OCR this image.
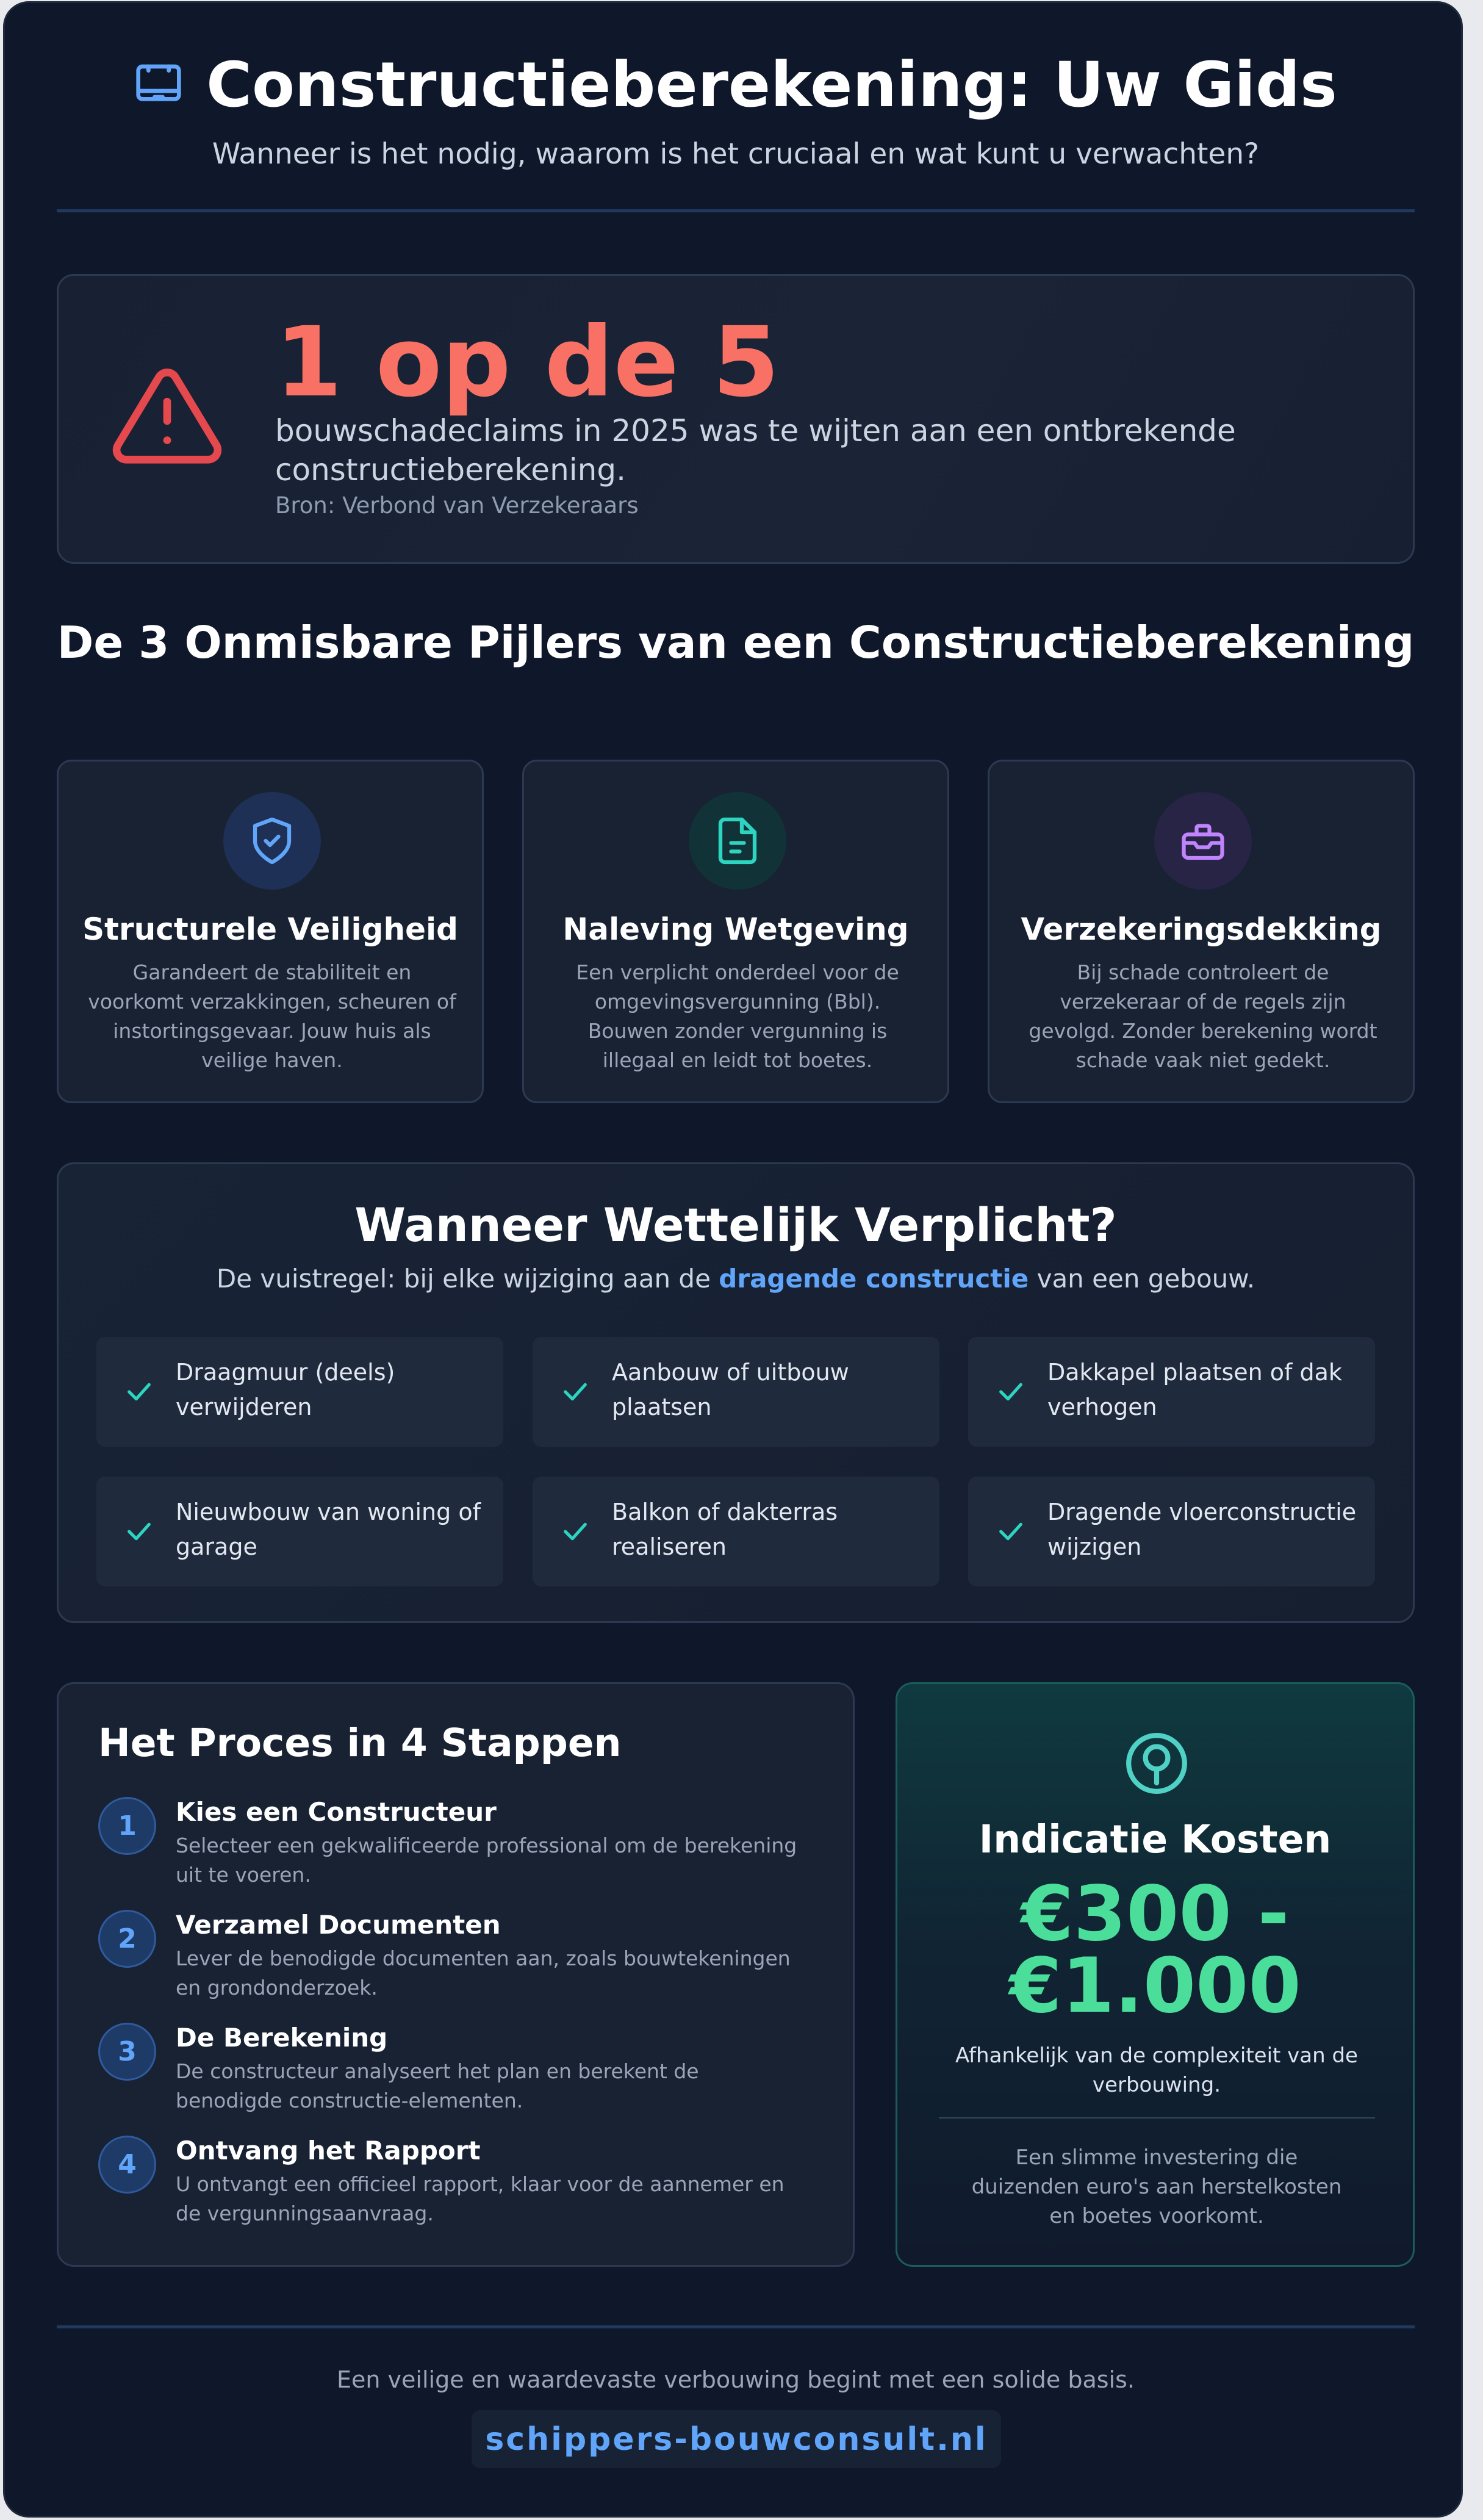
Constructieberekening: Uw Gids
Wanneer is het nodig, waarom is het cruciaal en wat kunt u verwachten?
1 op de 5
bouwschadeclaims in 2025 was te wijten aan een ontbrekende constructieberekening.
Bron: Verbond van Verzekeraars
De 3 Onmisbare Pijlers van een Constructieberekening
Structurele Veiligheid

Garandeert de stabiliteit en voorkomt verzakkingen, scheuren of instortingsgevaar. Jouw huis als veilige haven.

Naleving Wetgeving

Een verplicht onderdeel voor de omgevingsvergunning (Bbl). Bouwen zonder vergunning is illegaal en leidt tot boetes.

Verzekeringsdekking

Bij schade controleert de verzekeraar of de regels zijn gevolgd. Zonder berekening wordt schade vaak niet gedekt.

Wanneer Wettelijk Verplicht?
De vuistregel: bij elke wijziging aan de dragende constructie van een gebouw.
Draagmuur (deels) verwijderen
Aanbouw of uitbouw plaatsen
Dakkapel plaatsen of dak verhogen
Nieuwbouw van woning of garage
Balkon of dakterras realiseren
Dragende vloerconstructie wijzigen
Het Proces in 4 Stappen
1	Kies een Constructeur
Selecteer een gekwalificeerde professional om de berekening uit te voeren.
2	Verzamel Documenten
Lever de benodigde documenten aan, zoals bouwtekeningen en grondonderzoek.
3	De Berekening
De constructeur analyseert het plan en berekent de benodigde constructie-elementen.
4	Ontvang het Rapport
U ontvangt een officieel rapport, klaar voor de aannemer en de vergunningsaanvraag.
Indicatie Kosten
€300 - €1.000
Afhankelijk van de complexiteit van de verbouwing.
Een slimme investering die duizenden euro's aan herstelkosten en boetes voorkomt.
Een veilige en waardevaste verbouwing begint met een solide basis.
schippers-bouwconsult.nl
